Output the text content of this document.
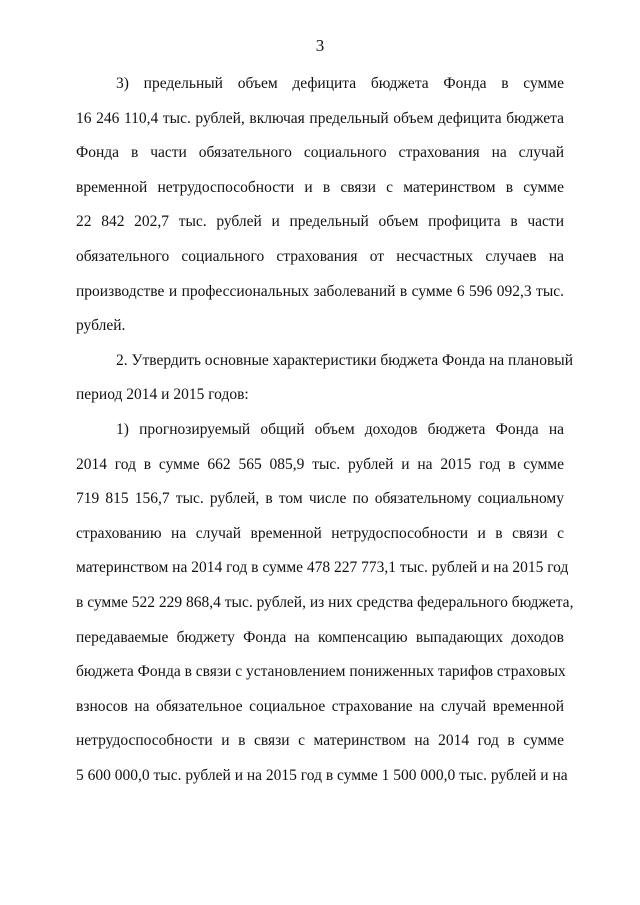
3

3) предельный объем дефицита бюджета Фонда в сумме
16 246 110,4 тыс. рублей, включая предельный объем дефицита бюджета
Фонда в части обязательного социального страхования на случай
временной нетрудоспособности и в связи с материнством в сумме
22 842 202,7 тыс. рублей и предельный объем профицита в части
обязательного социального страхования от несчастных случаев на
производстве и профессиональных заболеваний в сумме 6 596 092,3 тыс.
рублей.

2. Утвердить основные характеристики бюджета Фонда на плановый
период 2014 и 2015 годов:

1) прогнозируемый общий объем доходов бюджета Фонда на
2014 год в сумме 662 565 085,9 тыс. рублей и на 2015 год в сумме
719 815 156,7 тыс. рублей, в том числе по обязательному социальному
страхованию на случай временной нетрудоспособности и в связи с
материнством на 2014 год в сумме 478 227 773,1 тыс. рублей и на 2015 год
в сумме 522 229 868,4 тыс. рублей, из них средства федерального бюджета,
передаваемые бюджету Фонда на компенсацию выпадающих доходов
бюджета Фонда в связи с установлением пониженных тарифов страховых
взносов на обязательное социальное страхование на случай временной
нетрудоспособности и в связи с материнством на 2014 год в сумме
5 600 000,0 тыс. рублей и на 2015 год в сумме 1 500 000,0 тыс. рублей и на
